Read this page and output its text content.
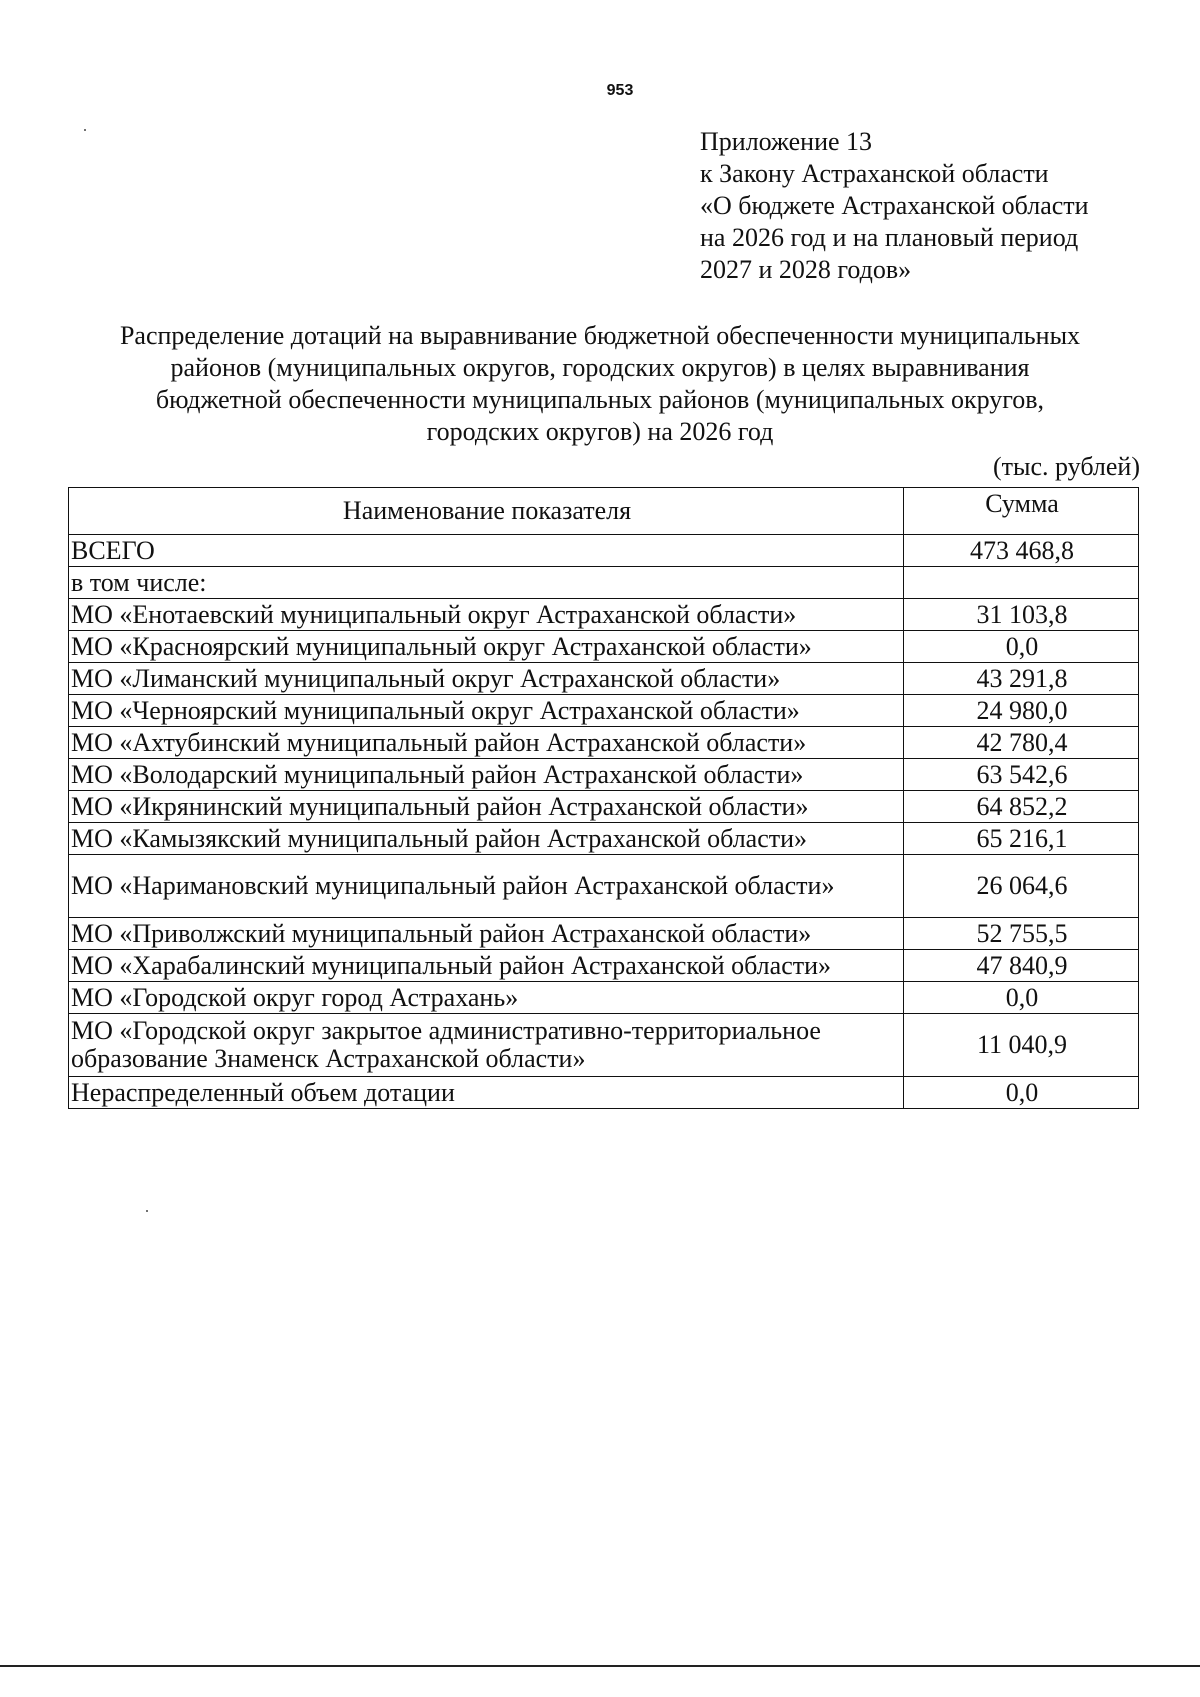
953
Приложение 13
к Закону Астраханской области
«О бюджете Астраханской области
на 2026 год и на плановый период
2027 и 2028 годов»
Распределение дотаций на выравнивание бюджетной обеспеченности муниципальных
районов (муниципальных округов, городских округов) в целях выравнивания
бюджетной обеспеченности муниципальных районов (муниципальных округов,
городских округов) на 2026 год
(тыс. рублей)
Наименование показателя	Сумма
ВСЕГО	473 468,8
в том числе:	
МО «Енотаевский муниципальный округ Астраханской области»	31 103,8
МО «Красноярский муниципальный округ Астраханской области»	0,0
МО «Лиманский муниципальный округ Астраханской области»	43 291,8
МО «Черноярский муниципальный округ Астраханской области»	24 980,0
МО «Ахтубинский муниципальный район Астраханской области»	42 780,4
МО «Володарский муниципальный район Астраханской области»	63 542,6
МО «Икрянинский муниципальный район Астраханской области»	64 852,2
МО «Камызякский муниципальный район Астраханской области»	65 216,1
МО «Наримановский муниципальный район Астраханской области»	26 064,6
МО «Приволжский муниципальный район Астраханской области»	52 755,5
МО «Харабалинский муниципальный район Астраханской области»	47 840,9
МО «Городской округ город Астрахань»	0,0
МО «Городской округ закрытое административно-территориальное образование Знаменск Астраханской области»	11 040,9
Нераспределенный объем дотации	0,0
